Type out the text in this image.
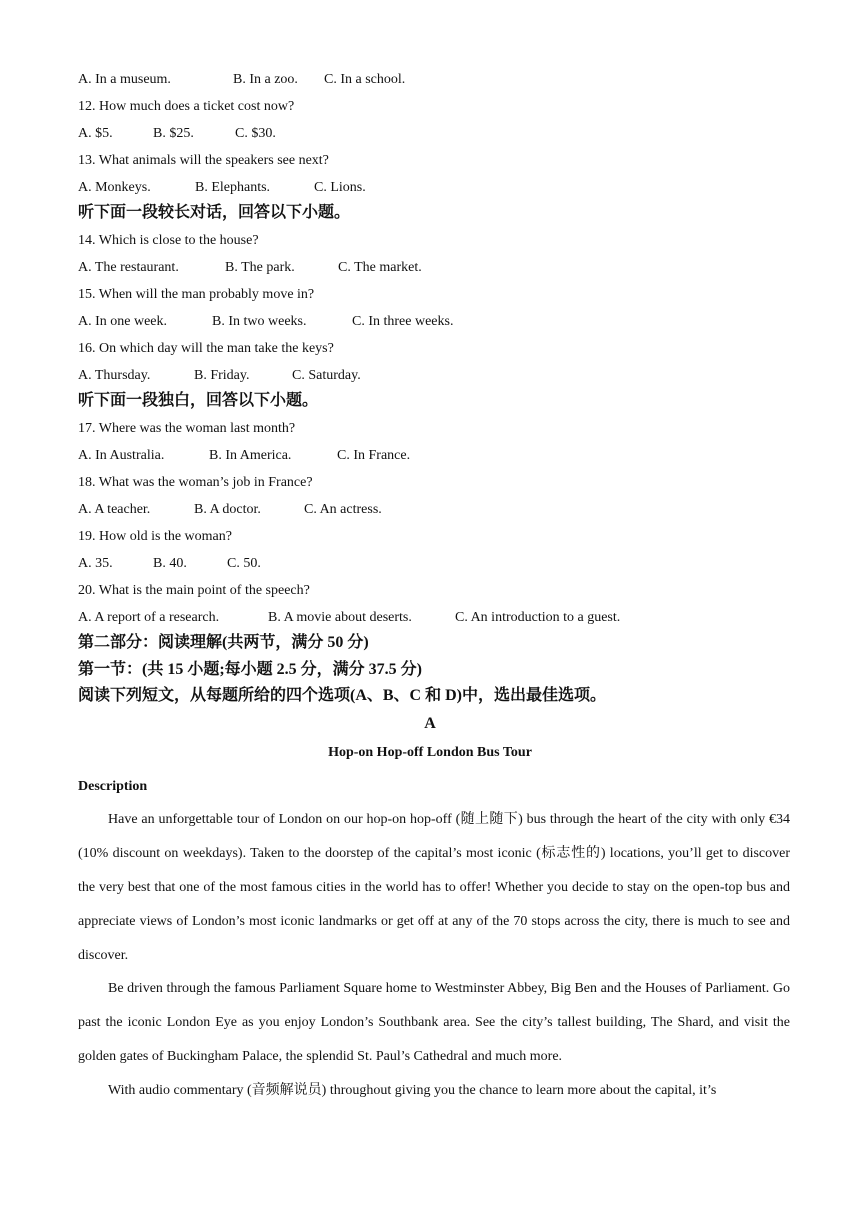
A. In a museum.	B. In a zoo. C. In a school.
12. How much does a ticket cost now?
A. $5.	B. $25.	C. $30.
13. What animals will the speakers see next?
A. Monkeys.	B. Elephants.	C. Lions.
听下面一段较长对话，回答以下小题。
14. Which is close to the house?
A. The restaurant.	B. The park.	C. The market.
15. When will the man probably move in?
A. In one week.	B. In two weeks.	C. In three weeks.
16. On which day will the man take the keys?
A. Thursday.	B. Friday.	C. Saturday.
听下面一段独白，回答以下小题。
17. Where was the woman last month?
A. In Australia.	B. In America.	C. In France.
18. What was the woman’s job in France?
A. A teacher.	B. A doctor.	C. An actress.
19. How old is the woman?
A. 35.	B. 40.	C. 50.
20. What is the main point of the speech?
A. A report of a research.	B. A movie about deserts.	C. An introduction to a guest.
第二部分：阅读理解(共两节，满分 50 分)
第一节：(共 15 小题;每小题 2.5 分，满分 37.5 分)
阅读下列短文，从每题所给的四个选项(A、B、C 和 D)中，选出最佳选项。
A
Hop-on Hop-off London Bus Tour
Description

Have an unforgettable tour of London on our hop-on hop-off (随上随下) bus through the heart of the city with only €34 (10% discount on weekdays). Taken to the doorstep of the capital’s most iconic (标志性的) locations, you’ll get to discover the very best that one of the most famous cities in the world has to offer! Whether you decide to stay on the open-top bus and appreciate views of London’s most iconic landmarks or get off at any of the 70 stops across the city, there is much to see and discover.

Be driven through the famous Parliament Square home to Westminster Abbey, Big Ben and the Houses of Parliament. Go past the iconic London Eye as you enjoy London’s Southbank area. See the city’s tallest building, The Shard, and visit the golden gates of Buckingham Palace, the splendid St. Paul’s Cathedral and much more.

With audio commentary (音频解说员) throughout giving you the chance to learn more about the capital, it’s
